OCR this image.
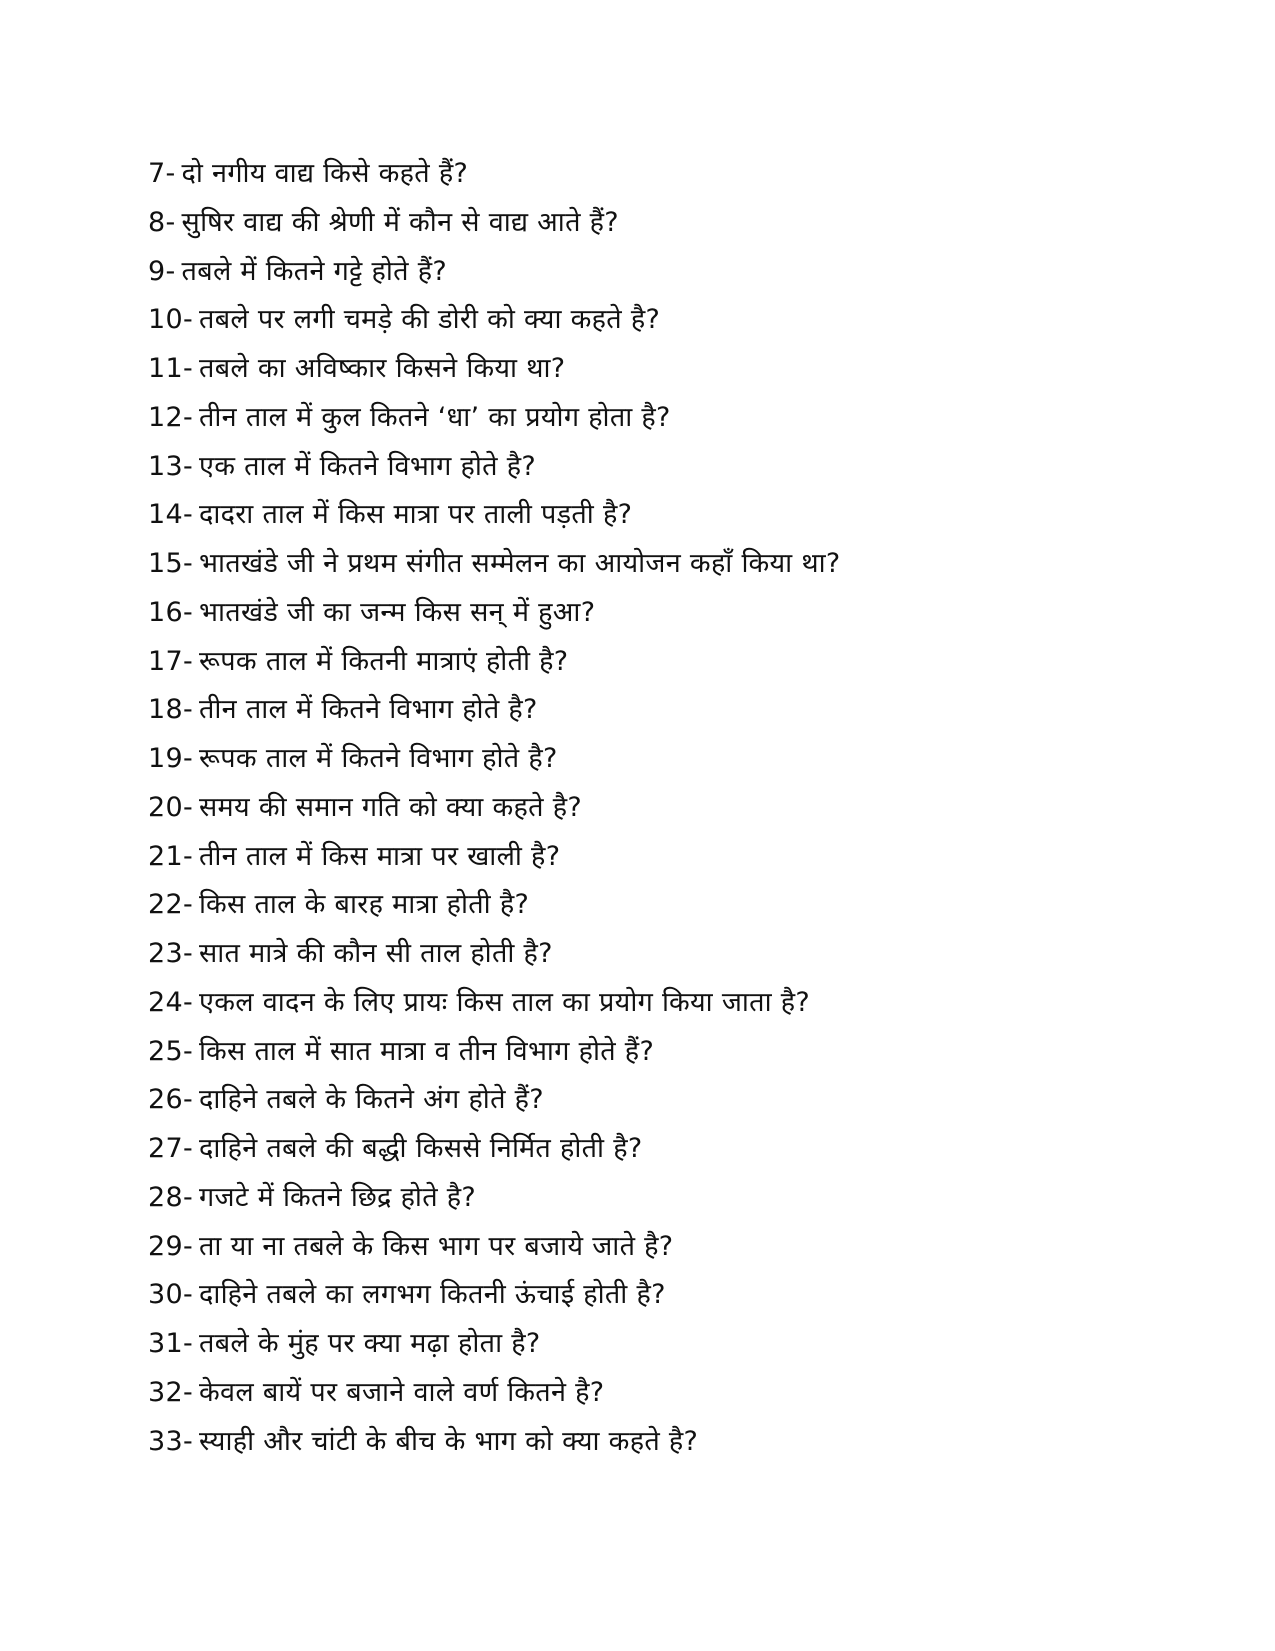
7- दो नगीय वाद्य किसे कहते हैं?
8- सुषिर वाद्य की श्रेणी में कौन से वाद्य आते हैं?
9- तबले में कितने गट्टे होते हैं?
10- तबले पर लगी चमड़े की डोरी को क्या कहते है?
11- तबले का अविष्कार किसने किया था?
12- तीन ताल में कुल कितने ‘धा’ का प्रयोग होता है?
13- एक ताल में कितने विभाग होते है?
14- दादरा ताल में किस मात्रा पर ताली पड़ती है?
15- भातखंडे जी ने प्रथम संगीत सम्मेलन का आयोजन कहाँ किया था?
16- भातखंडे जी का जन्म किस सन् में हुआ?
17- रूपक ताल में कितनी मात्राएं होती है?
18- तीन ताल में कितने विभाग होते है?
19- रूपक ताल में कितने विभाग होते है?
20- समय की समान गति को क्या कहते है?
21- तीन ताल में किस मात्रा पर खाली है?
22- किस ताल के बारह मात्रा होती है?
23- सात मात्रे की कौन सी ताल होती है?
24- एकल वादन के लिए प्रायः किस ताल का प्रयोग किया जाता है?
25- किस ताल में सात मात्रा व तीन विभाग होते हैं?
26- दाहिने तबले के कितने अंग होते हैं?
27- दाहिने तबले की बद्धी किससे निर्मित होती है?
28- गजटे में कितने छिद्र होते है?
29- ता या ना तबले के किस भाग पर बजाये जाते है?
30- दाहिने तबले का लगभग कितनी ऊंचाई होती है?
31- तबले के मुंह पर क्या मढ़ा होता है?
32- केवल बायें पर बजाने वाले वर्ण कितने है?
33- स्याही और चांटी के बीच के भाग को क्या कहते है?
